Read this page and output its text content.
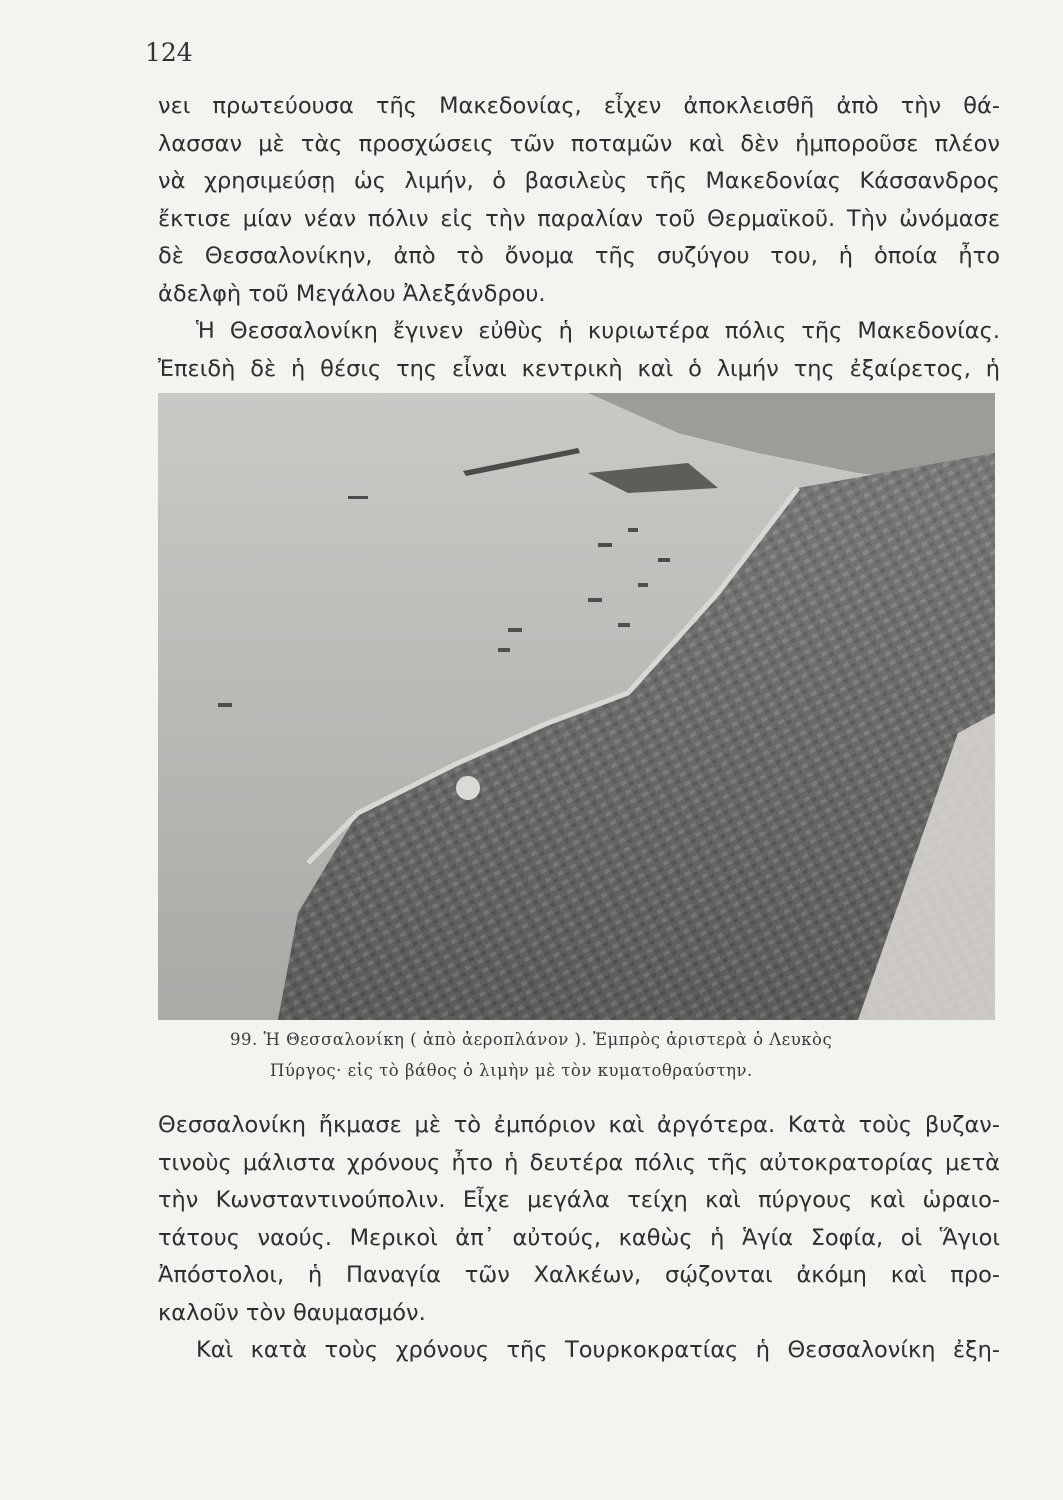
124
νει πρωτεύουσα τῆς Μακεδονίας, εἶχεν ἀποκλεισθῆ ἀπὸ τὴν θά-
λασσαν μὲ τὰς προσχώσεις τῶν ποταμῶν καὶ δὲν ἠμποροῦσε πλέον
νὰ χρησιμεύσῃ ὡς λιμήν, ὁ βασιλεὺς τῆς Μακεδονίας Κάσσανδρος
ἔκτισε μίαν νέαν πόλιν εἰς τὴν παραλίαν τοῦ Θερμαϊκοῦ. Τὴν ὠνόμασε
δὲ Θεσσαλονίκην, ἀπὸ τὸ ὄνομα τῆς συζύγου του, ἡ ὁποία ἦτο
ἀδελφὴ τοῦ Μεγάλου Ἀλεξάνδρου.
Ἡ Θεσσαλονίκη ἔγινεν εὐθὺς ἡ κυριωτέρα πόλις τῆς Μακεδονίας.
Ἐπειδὴ δὲ ἡ θέσις της εἶναι κεντρικὴ καὶ ὁ λιμήν της ἐξαίρετος, ἡ
99. Ἡ Θεσσαλονίκη ( ἀπὸ ἀεροπλάνον ). Ἐμπρὸς ἀριστερὰ ὁ Λευκὸς
Πύργος· εἰς τὸ βάθος ὁ λιμὴν μὲ τὸν κυματοθραύστην.
Θεσσαλονίκη ἤκμασε μὲ τὸ ἐμπόριον καὶ ἀργότερα. Κατὰ τοὺς βυζαν-
τινοὺς μάλιστα χρόνους ἦτο ἡ δευτέρα πόλις τῆς αὐτοκρατορίας μετὰ
τὴν Κωνσταντινούπολιν. Εἶχε μεγάλα τείχη καὶ πύργους καὶ ὡραιο-
τάτους ναούς. Μερικοὶ ἀπ᾽ αὐτούς, καθὼς ἡ Ἁγία Σοφία, οἱ Ἅγιοι
Ἀπόστολοι, ἡ Παναγία τῶν Χαλκέων, σῴζονται ἀκόμη καὶ προ-
καλοῦν τὸν θαυμασμόν.
Καὶ κατὰ τοὺς χρόνους τῆς Τουρκοκρατίας ἡ Θεσσαλονίκη ἐξη-
